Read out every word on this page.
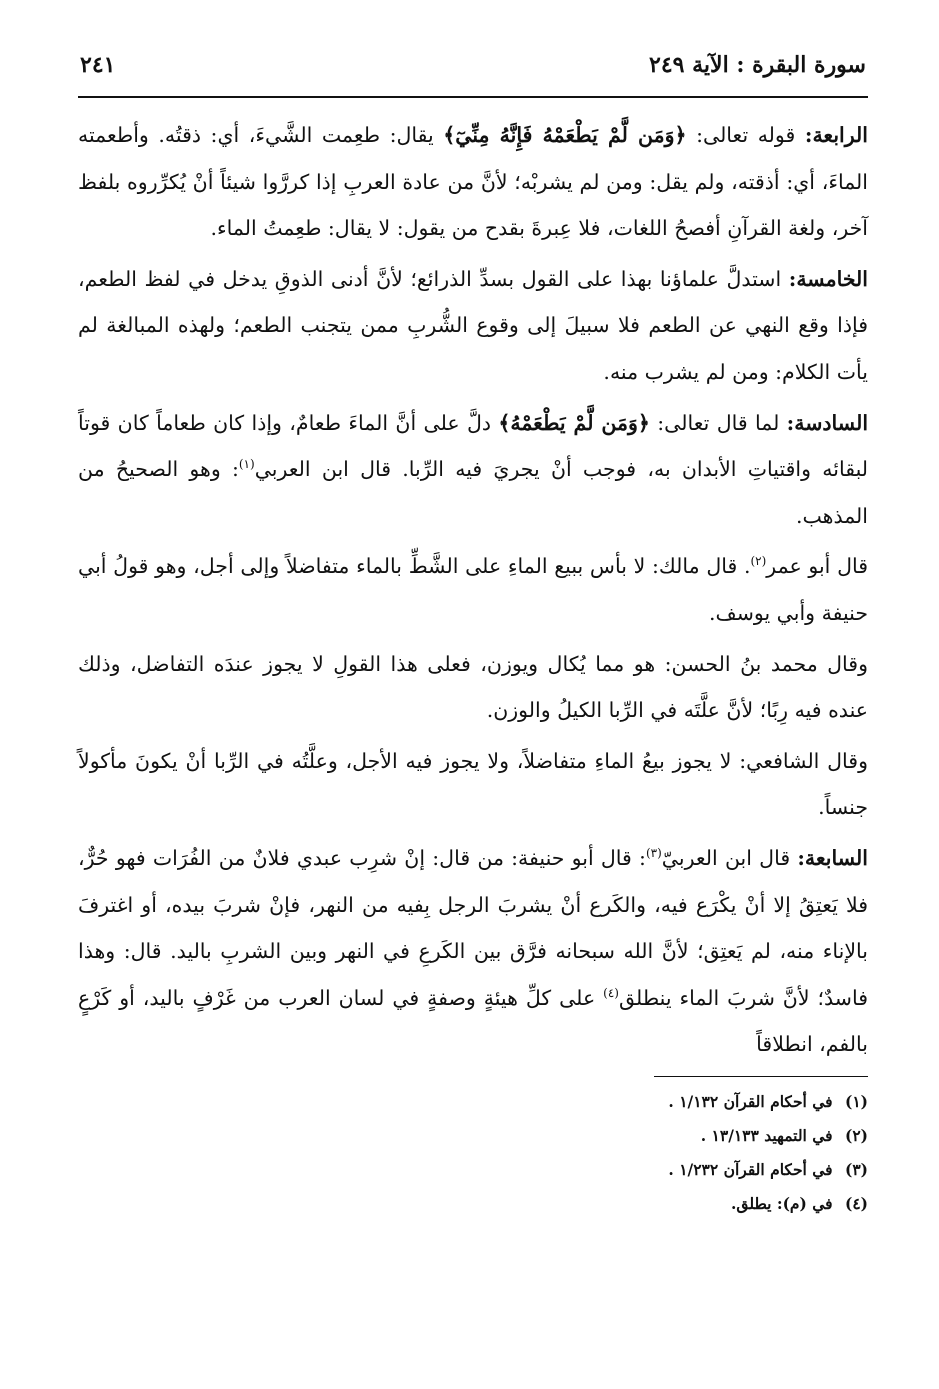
سورة البقرة : الآية ٢٤٩
٢٤١

الرابعة: قوله تعالى: ﴿وَمَن لَّمْ يَطْعَمْهُ فَإِنَّهُ مِنِّيٓ﴾ يقال: طعِمت الشَّيءَ، أي: ذقتُه. وأطعمته الماءَ، أي: أذقته، ولم يقل: ومن لم يشربْه؛ لأنَّ من عادة العربِ إذا كررَّوا شيئاً أنْ يُكرِّروه بلفظ آخر، ولغة القرآنِ أفصحُ اللغات، فلا عِبرةَ بقدح من يقول: لا يقال: طعِمتُ الماء.

الخامسة: استدلَّ علماؤنا بهذا على القول بسدِّ الذرائع؛ لأنَّ أدنى الذوقِ يدخل في لفظ الطعم، فإذا وقع النهي عن الطعم فلا سبيلَ إلى وقوع الشُّربِ ممن يتجنب الطعم؛ ولهذه المبالغة لم يأت الكلام: ومن لم يشرب منه.

السادسة: لما قال تعالى: ﴿وَمَن لَّمْ يَطْعَمْهُ﴾ دلَّ على أنَّ الماءَ طعامٌ، وإذا كان طعاماً كان قوتاً لبقائه واقتياتِ الأبدان به، فوجب أنْ يجريَ فيه الرِّبا. قال ابن العربي$^{(١)}$: وهو الصحيحُ من المذهب.

قال أبو عمر$^{(٢)}$. قال مالك: لا بأس ببيع الماءِ على الشَّطِّ بالماء متفاضلاً وإلى أجل، وهو قولُ أبي حنيفة وأبي يوسف.

وقال محمد بنُ الحسن: هو مما يُكال ويوزن، فعلى هذا القولِ لا يجوز عندَه التفاضل، وذلك عنده فيه رِبًا؛ لأنَّ علَّتَه في الرِّبا الكيلُ والوزن.

وقال الشافعي: لا يجوز بيعُ الماءِ متفاضلاً، ولا يجوز فيه الأجل، وعلَّتُه في الرِّبا أنْ يكونَ مأكولاً جنساً.

السابعة: قال ابن العربيّ$^{(٣)}$: قال أبو حنيفة: من قال: إنْ شرِب عبدي فلانٌ من الفُرَات فهو حُرٌّ، فلا يَعتِقُ إلا أنْ يكْرَع فيه، والكَرع أنْ يشربَ الرجل بِفيه من النهر، فإنْ شربَ بيده، أو اغترفَ بالإناء منه، لم يَعتِق؛ لأنَّ الله سبحانه فرَّق بين الكَرعِ في النهر وبين الشربِ باليد. قال: وهذا فاسدٌ؛ لأنَّ شربَ الماء ينطلق$^{(٤)}$ على كلِّ هيئةٍ وصفةٍ في لسان العرب من غَرْفٍ باليد، أو كَرْعٍ بالفم، انطلاقاً

(١) في أحكام القرآن ١/١٣٢ .
(٢) في التمهيد ١٣/١٣٣ .
(٣) في أحكام القرآن ١/٢٣٢ .
(٤) في (م): يطلق.
